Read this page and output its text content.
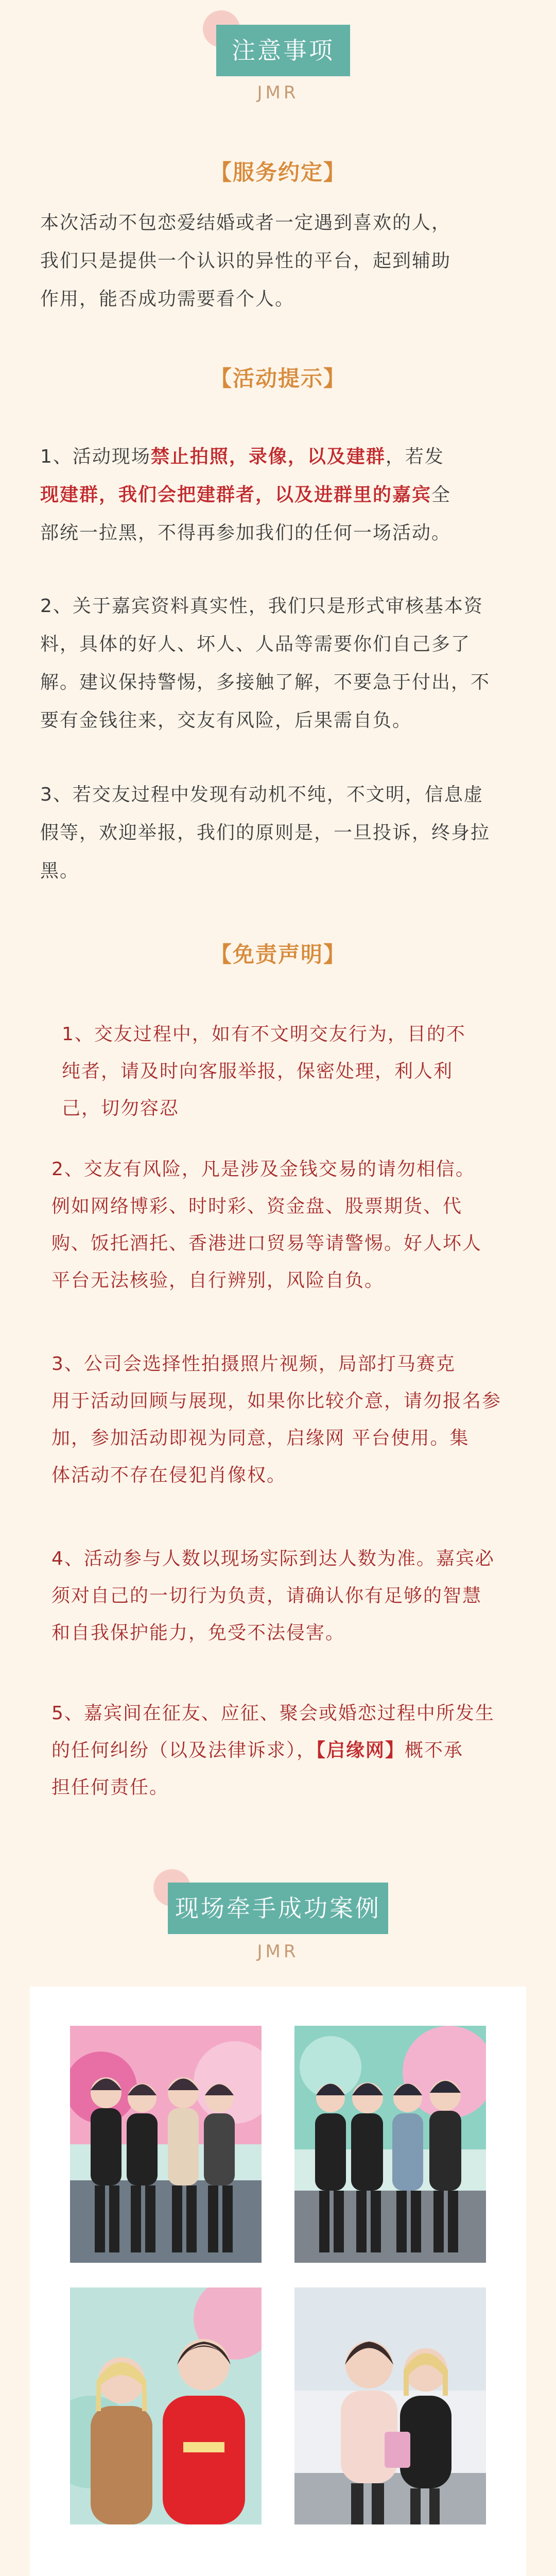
注意事项
JMR
【服务约定】
本次活动不包恋爱结婚或者一定遇到喜欢的人，
我们只是提供一个认识的异性的平台，起到辅助
作用，能否成功需要看个人。
【活动提示】
1、活动现场禁止拍照，录像，以及建群，若发
现建群，我们会把建群者，以及进群里的嘉宾全
部统一拉黑，不得再参加我们的任何一场活动。
2、关于嘉宾资料真实性，我们只是形式审核基本资
料，具体的好人、坏人、人品等需要你们自己多了
解。建议保持警惕，多接触了解，不要急于付出，不
要有金钱往来，交友有风险，后果需自负。
3、若交友过程中发现有动机不纯，不文明，信息虚
假等，欢迎举报，我们的原则是，一旦投诉，终身拉
黑。
【免责声明】
1、交友过程中，如有不文明交友行为，目的不
纯者，请及时向客服举报，保密处理，利人利
己，切勿容忍
2、交友有风险，凡是涉及金钱交易的请勿相信。
例如网络博彩、时时彩、资金盘、股票期货、代
购、饭托酒托、香港进口贸易等请警惕。好人坏人
平台无法核验，自行辨别，风险自负。
3、公司会选择性拍摄照片视频，局部打马赛克
用于活动回顾与展现，如果你比较介意，请勿报名参
加，参加活动即视为同意，启缘网 平台使用。集
体活动不存在侵犯肖像权。
4、活动参与人数以现场实际到达人数为准。嘉宾必
须对自己的一切行为负责，请确认你有足够的智慧
和自我保护能力，免受不法侵害。
5、嘉宾间在征友、应征、聚会或婚恋过程中所发生
的任何纠纷（以及法律诉求），【启缘网】概不承
担任何责任。
现场牵手成功案例
JMR
